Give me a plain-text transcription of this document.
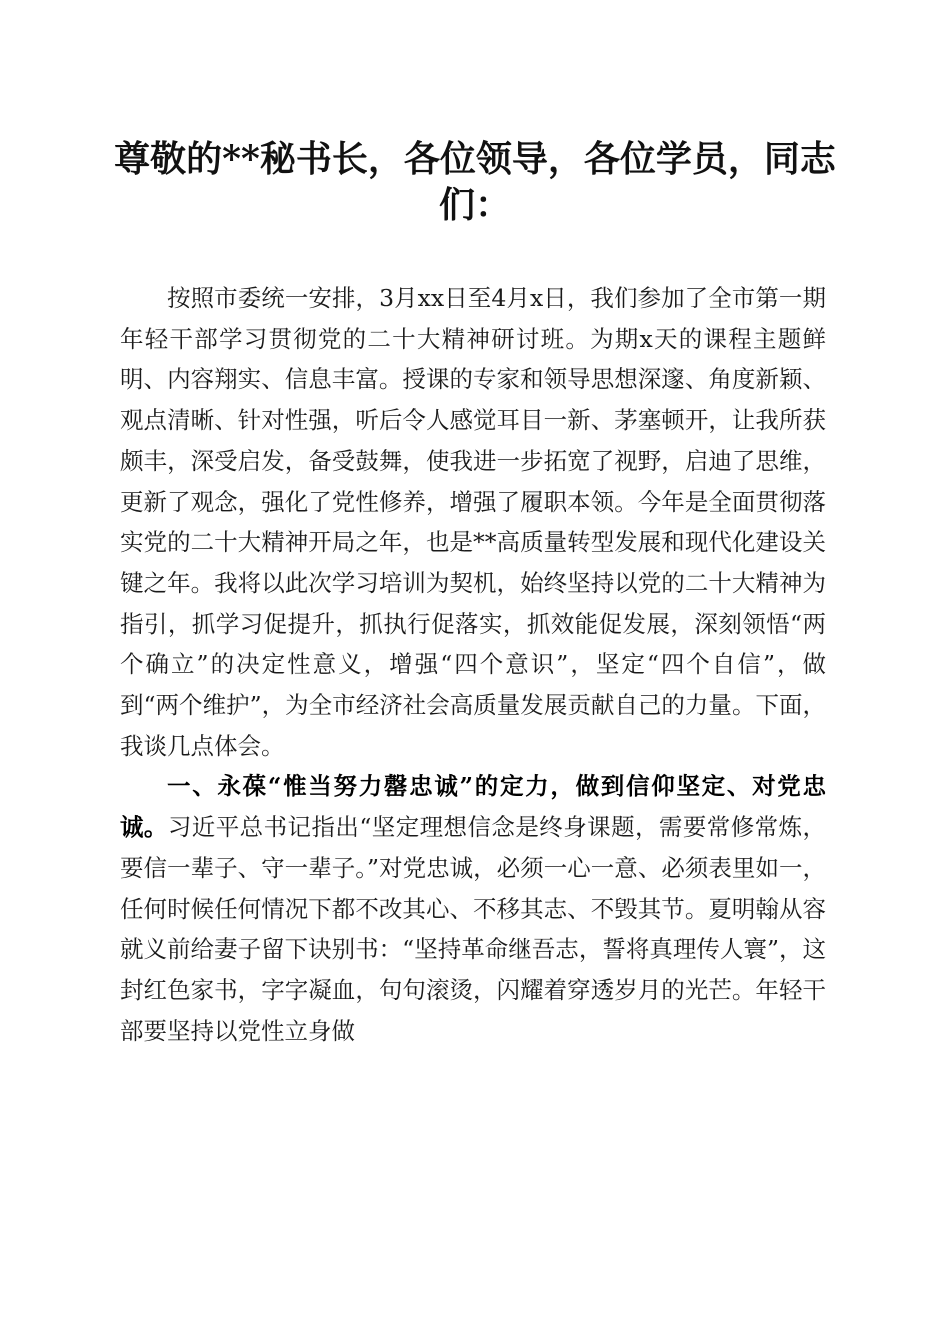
尊敬的**秘书长，各位领导，各位学员，同志们：

按照市委统一安排，3月xx日至4月x日，我们参加了全市第一期年轻干部学习贯彻党的二十大精神研讨班。为期x天的课程主题鲜明、内容翔实、信息丰富。授课的专家和领导思想深邃、角度新颖、观点清晰、针对性强，听后令人感觉耳目一新、茅塞顿开，让我所获颇丰，深受启发，备受鼓舞，使我进一步拓宽了视野，启迪了思维，更新了观念，强化了党性修养，增强了履职本领。今年是全面贯彻落实党的二十大精神开局之年，也是**高质量转型发展和现代化建设关键之年。我将以此次学习培训为契机，始终坚持以党的二十大精神为指引，抓学习促提升，抓执行促落实，抓效能促发展，深刻领悟“两个确立”的决定性意义，增强“四个意识”，坚定“四个自信”，做到“两个维护”，为全市经济社会高质量发展贡献自己的力量。下面，我谈几点体会。

一、永葆“惟当努力罄忠诚”的定力，做到信仰坚定、对党忠诚。习近平总书记指出“坚定理想信念是终身课题，需要常修常炼，要信一辈子、守一辈子。”对党忠诚，必须一心一意、必须表里如一，任何时候任何情况下都不改其心、不移其志、不毁其节。夏明翰从容就义前给妻子留下诀别书：“坚持革命继吾志，誓将真理传人寰”，这封红色家书，字字凝血，句句滚烫，闪耀着穿透岁月的光芒。年轻干部要坚持以党性立身做
